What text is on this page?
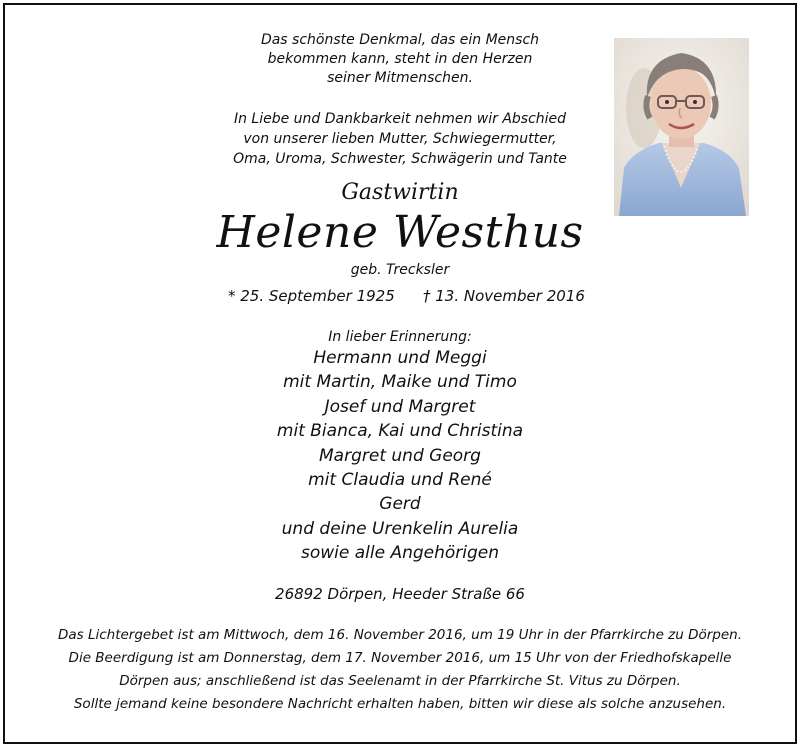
Das schönste Denkmal, das ein Mensch
bekommen kann, steht in den Herzen
seiner Mitmenschen.
In Liebe und Dankbarkeit nehmen wir Abschied
von unserer lieben Mutter, Schwiegermutter,
Oma, Uroma, Schwester, Schwägerin und Tante
Gastwirtin
Helene Westhus
geb. Trecksler
* 25. September 1925 † 13. November 2016
In lieber Erinnerung:
Hermann und Meggi
mit Martin, Maike und Timo
Josef und Margret
mit Bianca, Kai und Christina
Margret und Georg
mit Claudia und René
Gerd
und deine Urenkelin Aurelia
sowie alle Angehörigen
26892 Dörpen, Heeder Straße 66
Das Lichtergebet ist am Mittwoch, dem 16. November 2016, um 19 Uhr in der Pfarrkirche zu Dörpen.
Die Beerdigung ist am Donnerstag, dem 17. November 2016, um 15 Uhr von der Friedhofskapelle
Dörpen aus; anschließend ist das Seelenamt in der Pfarrkirche St. Vitus zu Dörpen.
Sollte jemand keine besondere Nachricht erhalten haben, bitten wir diese als solche anzusehen.
